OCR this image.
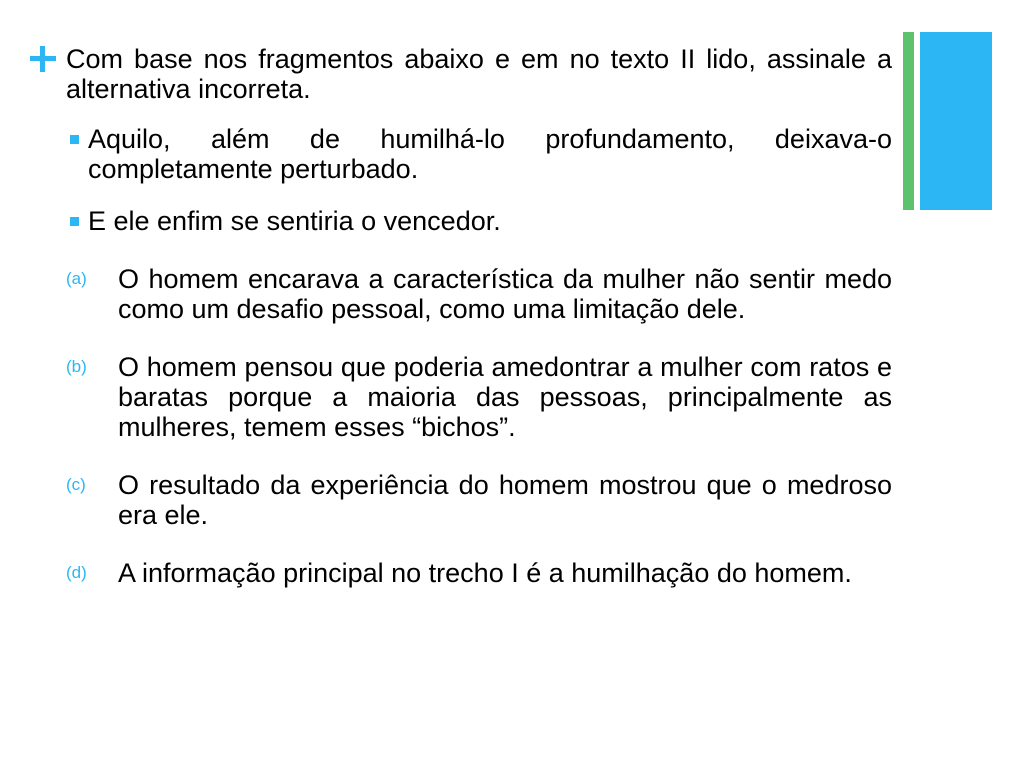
Com base nos fragmentos abaixo e em no texto II lido, assinale a alternativa incorreta.

Aquilo, além de humilhá-lo profundamento, deixava-o completamente perturbado.
E ele enfim se sentiria o vencedor.
(a)	O homem encarava a característica da mulher não sentir medo como um desafio pessoal, como uma limitação dele.
(b)	O homem pensou que poderia amedontrar a mulher com ratos e baratas porque a maioria das pessoas, principalmente as mulheres, temem esses “bichos”.
(c)	O resultado da experiência do homem mostrou que o medroso era ele.
(d)	A informação principal no trecho I é a humilhação do homem.
